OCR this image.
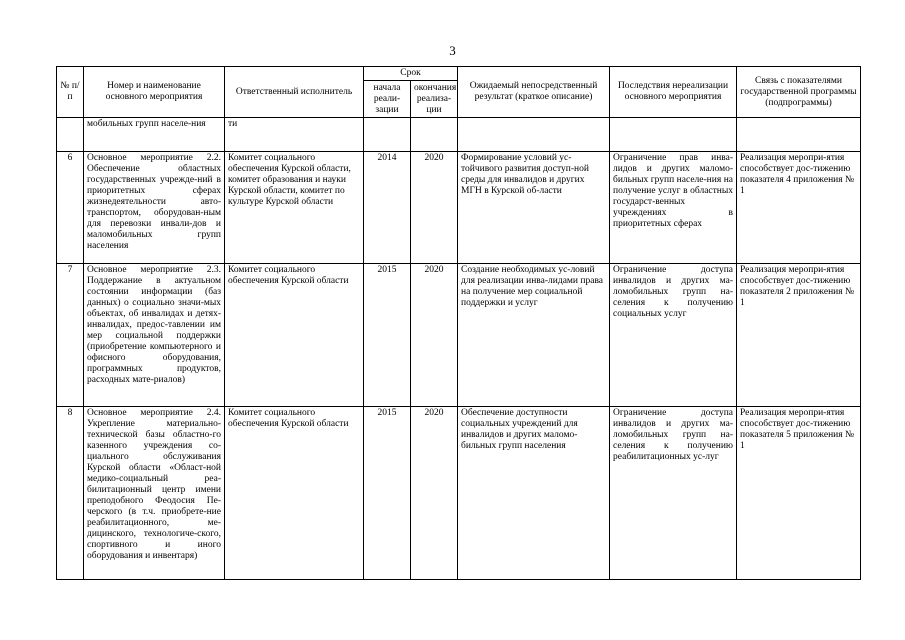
3
№ п/п	Номер и наименование основного мероприятия	Ответственный исполнитель	Срок		Ожидаемый непосредственный результат (краткое описание)	Последствия нереализации основного мероприятия	Связь с показателями государственной программы (подпрограммы)
			начала реали-зации	окончания реализа-ции			
	мобильных групп населе-ния	ти					
6	Основное мероприятие 2.2. Обеспечение областных государственных учрежде-ний в приоритетных сферах жизнедеятельности авто-транспортом, оборудован-ным для перевозки инвали-дов и маломобильных групп населения	Комитет социального обеспечения Курской области, комитет образования и науки Курской области, комитет по культуре Курской области	2014	2020	Формирование условий ус-тойчивого развития доступ-ной среды для инвалидов и других МГН в Курской об-ласти	Ограничение прав инва-лидов и других маломо-бильных групп населе-ния на получение услуг в областных государст-венных учреждениях в приоритетных сферах	Реализация меропри-ятия способствует дос-тижению показателя 4 приложения № 1
7	Основное мероприятие 2.3. Поддержание в актуальном состоянии информации (баз данных) о социально значи-мых объектах, об инвалидах и детях-инвалидах, предос-тавлении им мер социальной поддержки (приобретение компьютерного и офисного оборудования, программных продуктов, расходных мате-риалов)	Комитет социального обеспечения Курской области	2015	2020	Создание необходимых ус-ловий для реализации инва-лидами права на получение мер социальной поддержки и услуг	Ограничение доступа инвалидов и других ма-ломобильных групп на-селения к получению социальных услуг	Реализация меропри-ятия способствует дос-тижению показателя 2 приложения № 1
8	Основное мероприятие 2.4. Укрепление материально-технической базы областно-го казенного учреждения со-циального обслуживания Курской области «Област-ной медико-социальный реа-билитационный центр имени преподобного Феодосия Пе-черского (в т.ч. приобрете-ние реабилитационного, ме-дицинского, технологиче-ского, спортивного и иного оборудования и инвентаря)	Комитет социального обеспечения Курской области	2015	2020	Обеспечение доступности социальных учреждений для инвалидов и других маломо-бильных групп населения	Ограничение доступа инвалидов и других ма-ломобильных групп на-селения к получению реабилитационных ус-луг	Реализация меропри-ятия способствует дос-тижению показателя 5 приложения № 1
